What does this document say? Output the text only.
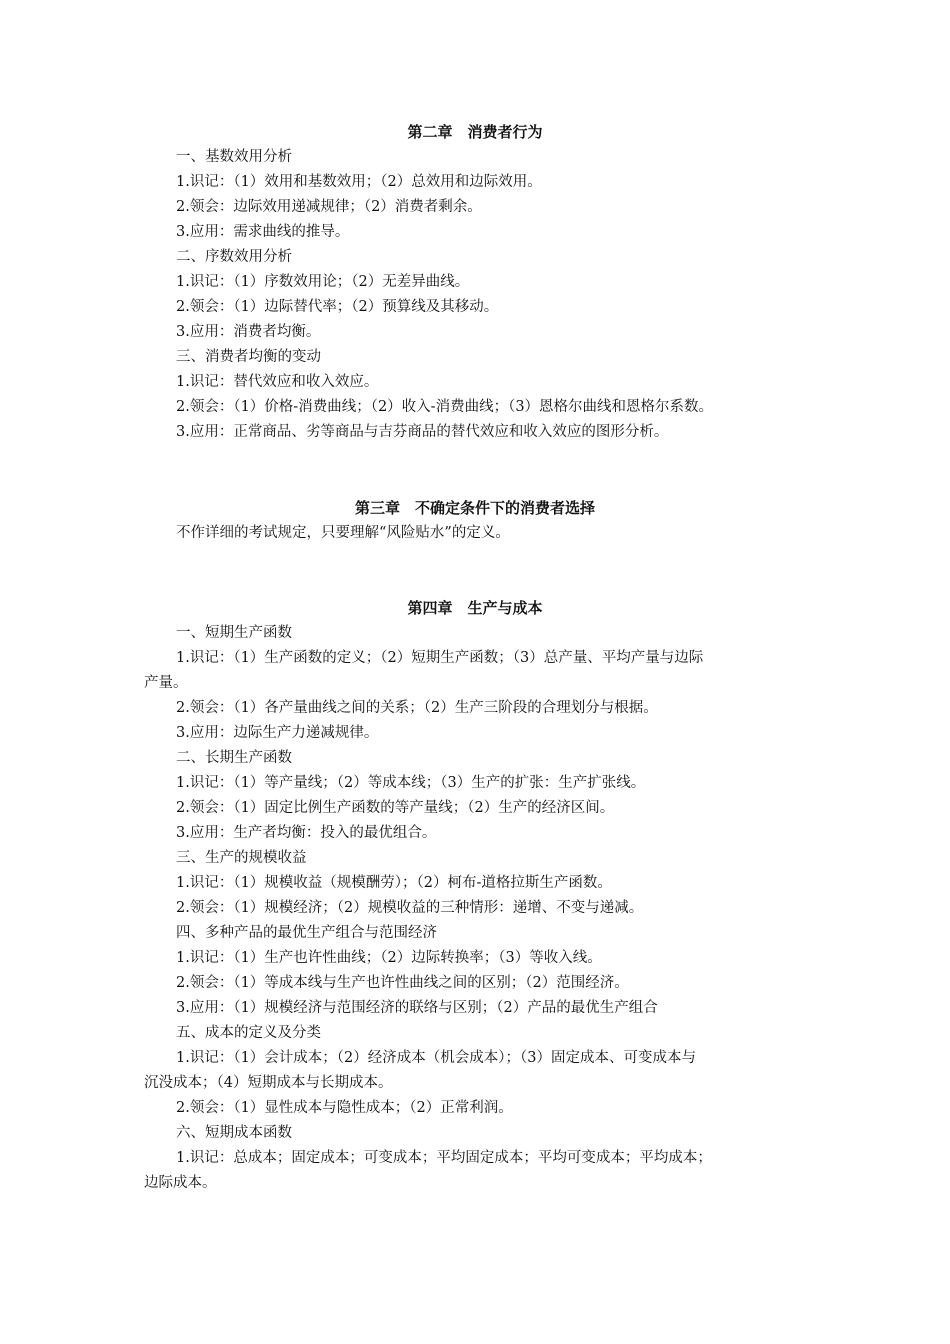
第二章　消费者行为
一、基数效用分析
1.识记：（1）效用和基数效用；（2）总效用和边际效用。
2.领会：边际效用递减规律；（2）消费者剩余。
3.应用：需求曲线的推导。
二、序数效用分析
1.识记：（1）序数效用论；（2）无差异曲线。
2.领会：（1）边际替代率；（2）预算线及其移动。
3.应用：消费者均衡。
三、消费者均衡的变动
1.识记：替代效应和收入效应。
2.领会：（1）价格-消费曲线；（2）收入-消费曲线；（3）恩格尔曲线和恩格尔系数。
3.应用：正常商品、劣等商品与吉芬商品的替代效应和收入效应的图形分析。
第三章　不确定条件下的消费者选择
不作详细的考试规定，只要理解“风险贴水”的定义。
第四章　生产与成本
一、短期生产函数
1.识记：（1）生产函数的定义；（2）短期生产函数；（3）总产量、平均产量与边际
产量。
2.领会：（1）各产量曲线之间的关系；（2）生产三阶段的合理划分与根据。
3.应用：边际生产力递减规律。
二、长期生产函数
1.识记：（1）等产量线；（2）等成本线；（3）生产的扩张：生产扩张线。
2.领会：（1）固定比例生产函数的等产量线；（2）生产的经济区间。
3.应用：生产者均衡：投入的最优组合。
三、生产的规模收益
1.识记：（1）规模收益（规模酬劳）；（2）柯布-道格拉斯生产函数。
2.领会：（1）规模经济；（2）规模收益的三种情形：递增、不变与递减。
四、多种产品的最优生产组合与范围经济
1.识记：（1）生产也许性曲线；（2）边际转换率；（3）等收入线。
2.领会：（1）等成本线与生产也许性曲线之间的区别；（2）范围经济。
3.应用：（1）规模经济与范围经济的联络与区别；（2）产品的最优生产组合
五、成本的定义及分类
1.识记：（1）会计成本；（2）经济成本（机会成本）；（3）固定成本、可变成本与
沉没成本；（4）短期成本与长期成本。
2.领会：（1）显性成本与隐性成本；（2）正常利润。
六、短期成本函数
1.识记：总成本；固定成本；可变成本；平均固定成本；平均可变成本；平均成本；
边际成本。
